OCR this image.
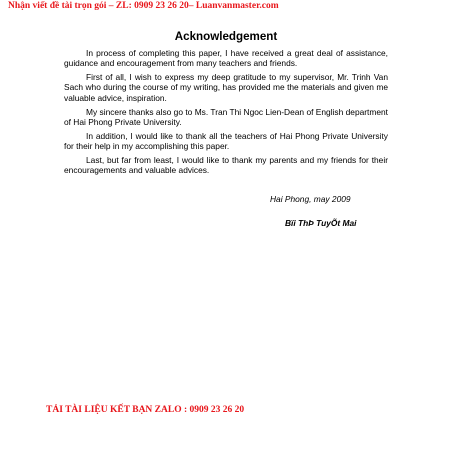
Nhận viết đề tài trọn gói – ZL: 0909 23 26 20– Luanvanmaster.com
Acknowledgement

In process of completing this paper, I have received a great deal of assistance, guidance and encouragement from many teachers and friends.

First of all, I wish to express my deep gratitude to my supervisor, Mr. Trinh Van Sach who during the course of my writing, has provided me the materials and given me valuable advice, inspiration.

My sincere thanks also go to Ms. Tran Thi Ngoc Lien-Dean of English department of Hai Phong Private University.

In addition, I would like to thank all the teachers of Hai Phong Private University for their help in my accomplishing this paper.

Last, but far from least, I would like to thank my parents and my friends for their encouragements and valuable advices.

Hai Phong, may 2009
Bïi ThÞ TuyÕt Mai
TẢI TÀI LIỆU KẾT BẠN ZALO : 0909 23 26 20
